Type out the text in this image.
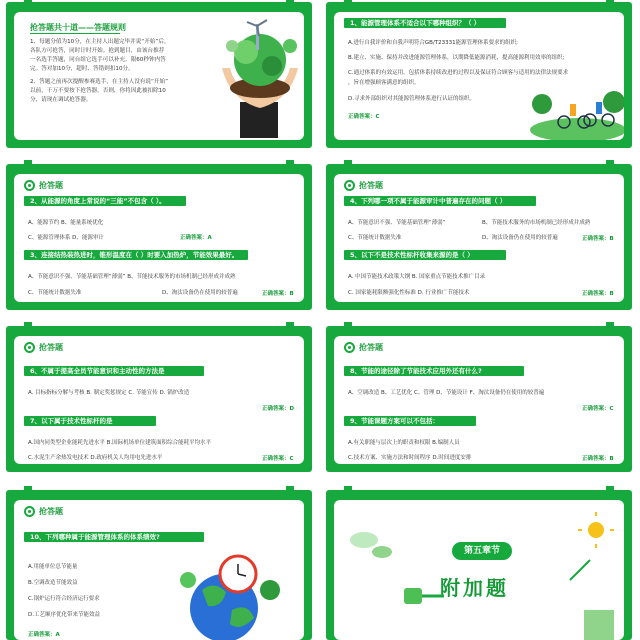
抢答题共十道——答题规则
1、每题分值为10分，在主持人出题完毕并说“开始”后，
各队方可抢答，同时计时开始。抢到题目，由该台推荐
一名选手答题，同台组它选手可以补充。限60秒钟内答
完。答对加10分，超时、答错则扣10分。
2、答题之前再次提醒参赛选手，在主持人没有说“开始”
以前，千万不要按下抢答器，否则，你将因此被扣除10
分，请现在调试抢答器。
1、能源管理体系不适合以下哪种组织？（ ）
A.进行自我评价和自我声明符合GB/T23331能源管理体系要求的组织;
B.建立、实施、保持并改进能源管理体系，以期降低能源消耗，提高能源利用效率的组织;
C.通过体系的有效运用，包括体系持续改进的过程以及保证符合顾客与适用的法律法规要求
，旨在增强顾客满意的组织。
D.寻求外部组织对其能源管理体系进行认证的组织。
正确答案：C
抢答题
2、从能源的角度上常说的“三能”不包含（ ）。
A、能源节约 B、能量系统优化
C、能源管理体系 D、能源审计	正确答案：A
3、连接结热装热进时，锥形温度在（ ）时要入加热炉，节能效果最好。
A、节能意识不强、节能基础管理“薄弱” B、节能技术服务的市场机制已经形成并成熟
C、节能统计数据失准	D、淘汰设备仍在使用的较普遍	正确答案：B
抢答题
4、下列哪一项不属于能源审计中普遍存在的问题（ ）
A、节能意识不强、节能基础管理“薄弱”	B、节能技术服务的市场机制已经形成并成熟
C、节能统计数据失准	D、淘汰设备仍在使用的较普遍	正确答案：B
5、以下不是技术性标杆收集来源的是（ ）
A. 中国节能技术政策大纲 B. 国家重点节能技术推广目录
C. 国家能耗限额强化性标准 D. 行业推广节能技术	正确答案：B
抢答题
6、不属于提高全员节能意识和主动性的方法是
A. 目标指标分解与考核 B. 制定奖惩规定 C. 节能宣传 D. 锅炉改造
正确答案：D
7、以下属于技术性标杆的是
A.国内同类型企业能耗先进水平 B.国际机场单位建筑面积综合能耗平均水平
C.水泥生产余热发电技术 D.政府机关人均用电先进水平	正确答案：C
抢答题
8、节能的途径除了节能技术应用外还有什么?
A、空调改造 B、工艺优化 C、管理 D、节能设计 F、淘汰设备仍在使用的较普遍
正确答案：C
9、节能课题方案可以不包括：
A.有关职能与层次上的职责和权限 B.编制人员
C.技术方案、实施方法和时间程序 D.时间进度安排	正确答案：B
抢答题
10、下列哪种属于能源管理体系的体系绩效?
A.用能单位总节能量
B.空调改造节能效益
C.锅炉运行符合经济运行要求
D.工艺顺序优化带来节能效益
正确答案：A
第五章节
附加题
